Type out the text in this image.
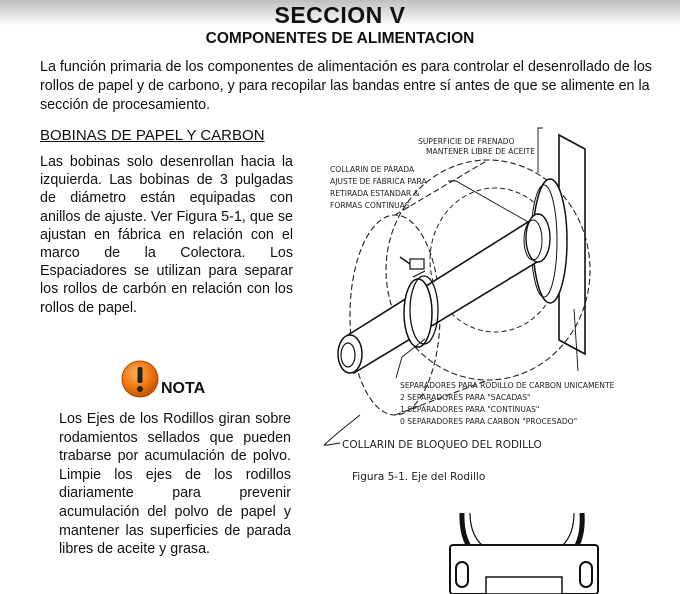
SECCION V
COMPONENTES DE ALIMENTACION
La función primaria de los componentes de alimentación es para controlar el desenrollado de los rollos de papel y de carbono, y para recopilar las bandas entre sí antes de que se alimente en la sección de procesamiento.
BOBINAS DE PAPEL Y CARBON
Las bobinas solo desenrollan hacia la izquierda. Las bobinas de 3 pulgadas de diámetro están equipadas con anillos de ajuste. Ver Figura 5-1, que se ajustan en fábrica en relación con el marco de la Colectora. Los Espaciadores se utilizan para separar los rollos de carbón en relación con los rollos de papel.
NOTA
Los Ejes de los Rodillos giran sobre rodamientos sellados que pueden trabarse por acumulación de polvo. Limpie los ejes de los rodillos diariamente para prevenir acumulación del polvo de papel y mantener las superficies de parada libres de aceite y grasa.
SUPERFICIE DE FRENADO
MANTENER LIBRE DE ACEITE
COLLARIN DE PARADA
AJUSTE DE FÁBRICA PARA
RETIRADA ESTANDAR &
FORMAS CONTINUAS
SEPARADORES PARA RODILLO DE CARBON UNICAMENTE
2 SEPARADORES PARA "SACADAS"
1 SEPARADORES PARA "CONTINUAS"
0 SEPARADORES PARA CARBON "PROCESADO"
COLLARIN DE BLOQUEO DEL RODILLO
Figura 5-1. Eje del Rodillo
